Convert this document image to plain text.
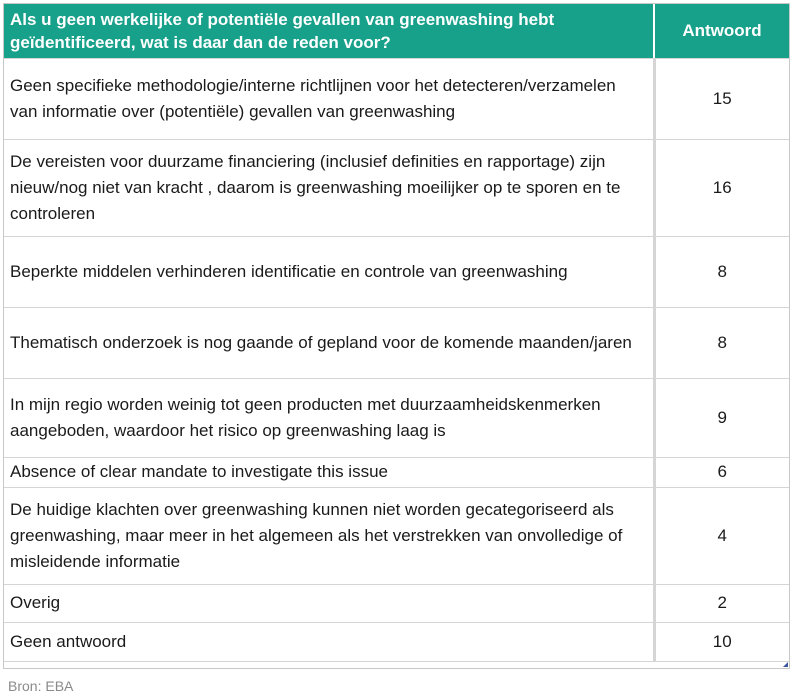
Als u geen werkelijke of potentiële gevallen van greenwashing hebt geïdentificeerd, wat is daar dan de reden voor?	Antwoord
Geen specifieke methodologie/interne richtlijnen voor het detecteren/verzamelen van informatie over (potentiële) gevallen van greenwashing	15
De vereisten voor duurzame financiering (inclusief definities en rapportage) zijn nieuw/nog niet van kracht , daarom is greenwashing moeilijker op te sporen en te controleren	16
Beperkte middelen verhinderen identificatie en controle van greenwashing	8
Thematisch onderzoek is nog gaande of gepland voor de komende maanden/jaren	8
In mijn regio worden weinig tot geen producten met duurzaamheidskenmerken aangeboden, waardoor het risico op greenwashing laag is	9
Absence of clear mandate to investigate this issue	6
De huidige klachten over greenwashing kunnen niet worden gecategoriseerd als greenwashing, maar meer in het algemeen als het verstrekken van onvolledige of misleidende informatie	4
Overig	2
Geen antwoord	10
Bron: EBA
